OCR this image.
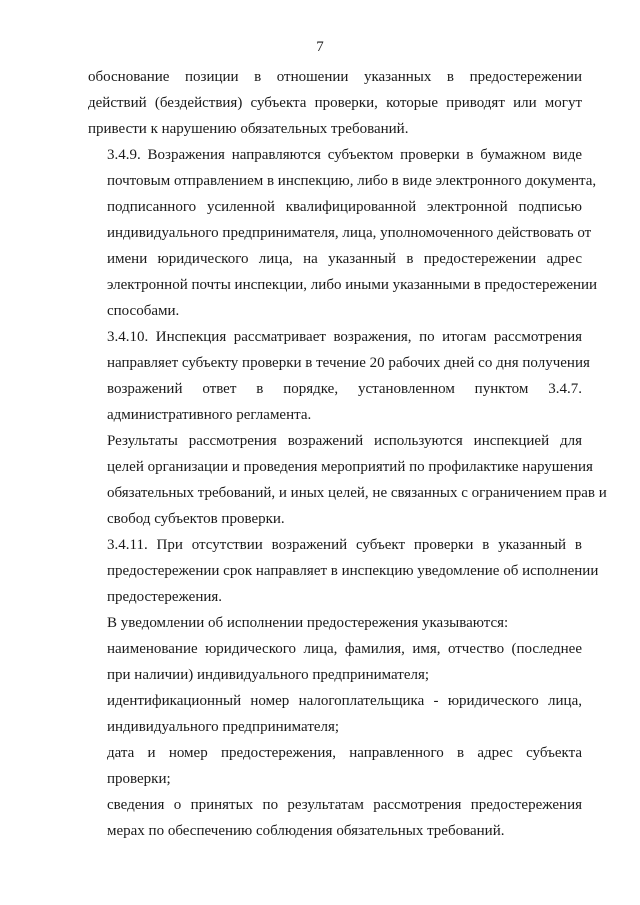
7

обоснование позиции в отношении указанных в предостережении
действий (бездействия) субъекта проверки, которые приводят или могут
привести к нарушению обязательных требований.

3.4.9. Возражения направляются субъектом проверки в бумажном виде
почтовым отправлением в инспекцию, либо в виде электронного документа,
подписанного усиленной квалифицированной электронной подписью
индивидуального предпринимателя, лица, уполномоченного действовать от
имени юридического лица, на указанный в предостережении адрес
электронной почты инспекции, либо иными указанными в предостережении
способами.

3.4.10. Инспекция рассматривает возражения, по итогам рассмотрения
направляет субъекту проверки в течение 20 рабочих дней со дня получения
возражений ответ в порядке, установленном пунктом 3.4.7.
административного регламента.

Результаты рассмотрения возражений используются инспекцией для
целей организации и проведения мероприятий по профилактике нарушения
обязательных требований, и иных целей, не связанных с ограничением прав и
свобод субъектов проверки.

3.4.11. При отсутствии возражений субъект проверки в указанный в
предостережении срок направляет в инспекцию уведомление об исполнении
предостережения.

В уведомлении об исполнении предостережения указываются:

наименование юридического лица, фамилия, имя, отчество (последнее
при наличии) индивидуального предпринимателя;

идентификационный номер налогоплательщика - юридического лица,
индивидуального предпринимателя;

дата и номер предостережения, направленного в адрес субъекта
проверки;

сведения о принятых по результатам рассмотрения предостережения
мерах по обеспечению соблюдения обязательных требований.
